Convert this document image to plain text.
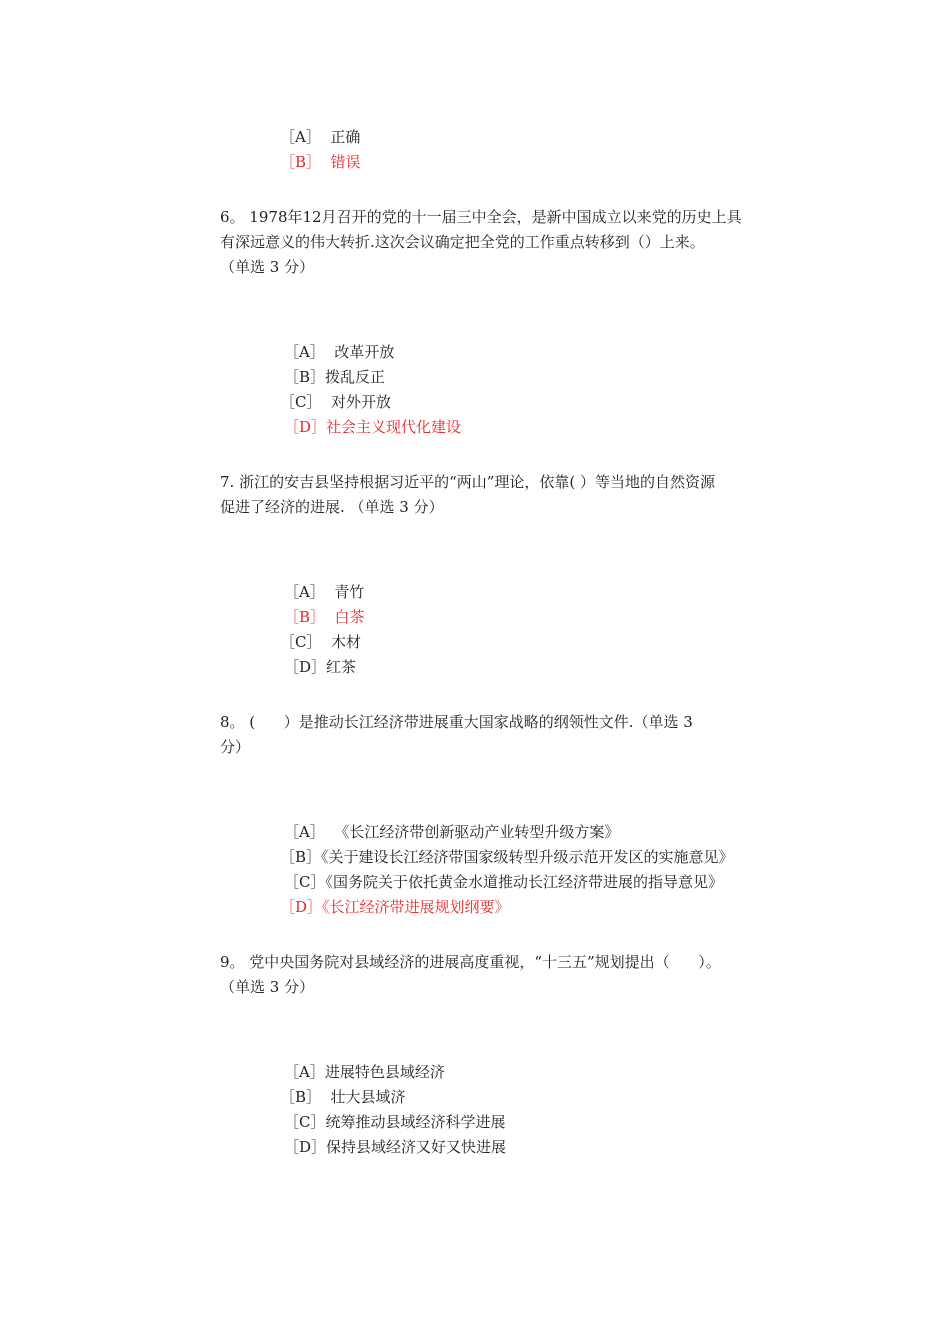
［A］  正确
［B］  错误
6。 1978年12月召开的党的十一届三中全会，是新中国成立以来党的历史上具
有深远意义的伟大转折.这次会议确定把全党的工作重点转移到（）上来。
（单选 3 分）
［A］  改革开放
［B］拨乱反正
［C］  对外开放
［D］社会主义现代化建设
7. 浙江的安吉县坚持根据习近平的“两山”理论，依靠( ）等当地的自然资源
促进了经济的进展. （单选 3 分）
［A］  青竹
［B］  白茶
［C］  木材
［D］红茶
8。 (      ）是推动长江经济带进展重大国家战略的纲领性文件.（单选 3
分）
［A］  《长江经济带创新驱动产业转型升级方案》
［B］《关于建设长江经济带国家级转型升级示范开发区的实施意见》
［C］《国务院关于依托黄金水道推动长江经济带进展的指导意见》
［D］《长江经济带进展规划纲要》
9。 党中央国务院对县域经济的进展高度重视，“十三五”规划提出（      ）。
（单选 3 分）
［A］进展特色县域经济
［B］  壮大县域济
［C］统筹推动县域经济科学进展
［D］保持县域经济又好又快进展
